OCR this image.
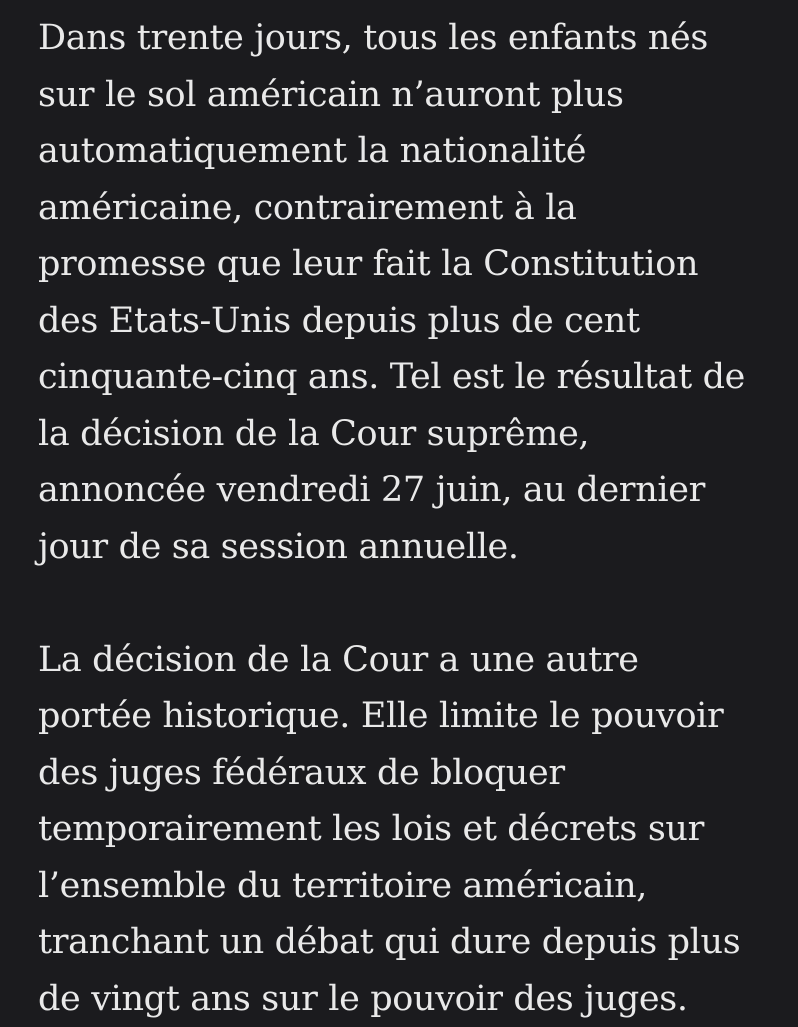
Dans trente jours, tous les enfants nés
sur le sol américain n’auront plus
automatiquement la nationalité
américaine, contrairement à la
promesse que leur fait la Constitution
des Etats-Unis depuis plus de cent
cinquante-cinq ans. Tel est le résultat de
la décision de la Cour suprême,
annoncée vendredi 27 juin, au dernier
jour de sa session annuelle.

La décision de la Cour a une autre
portée historique. Elle limite le pouvoir
des juges fédéraux de bloquer
temporairement les lois et décrets sur
l’ensemble du territoire américain,
tranchant un débat qui dure depuis plus
de vingt ans sur le pouvoir des juges.
